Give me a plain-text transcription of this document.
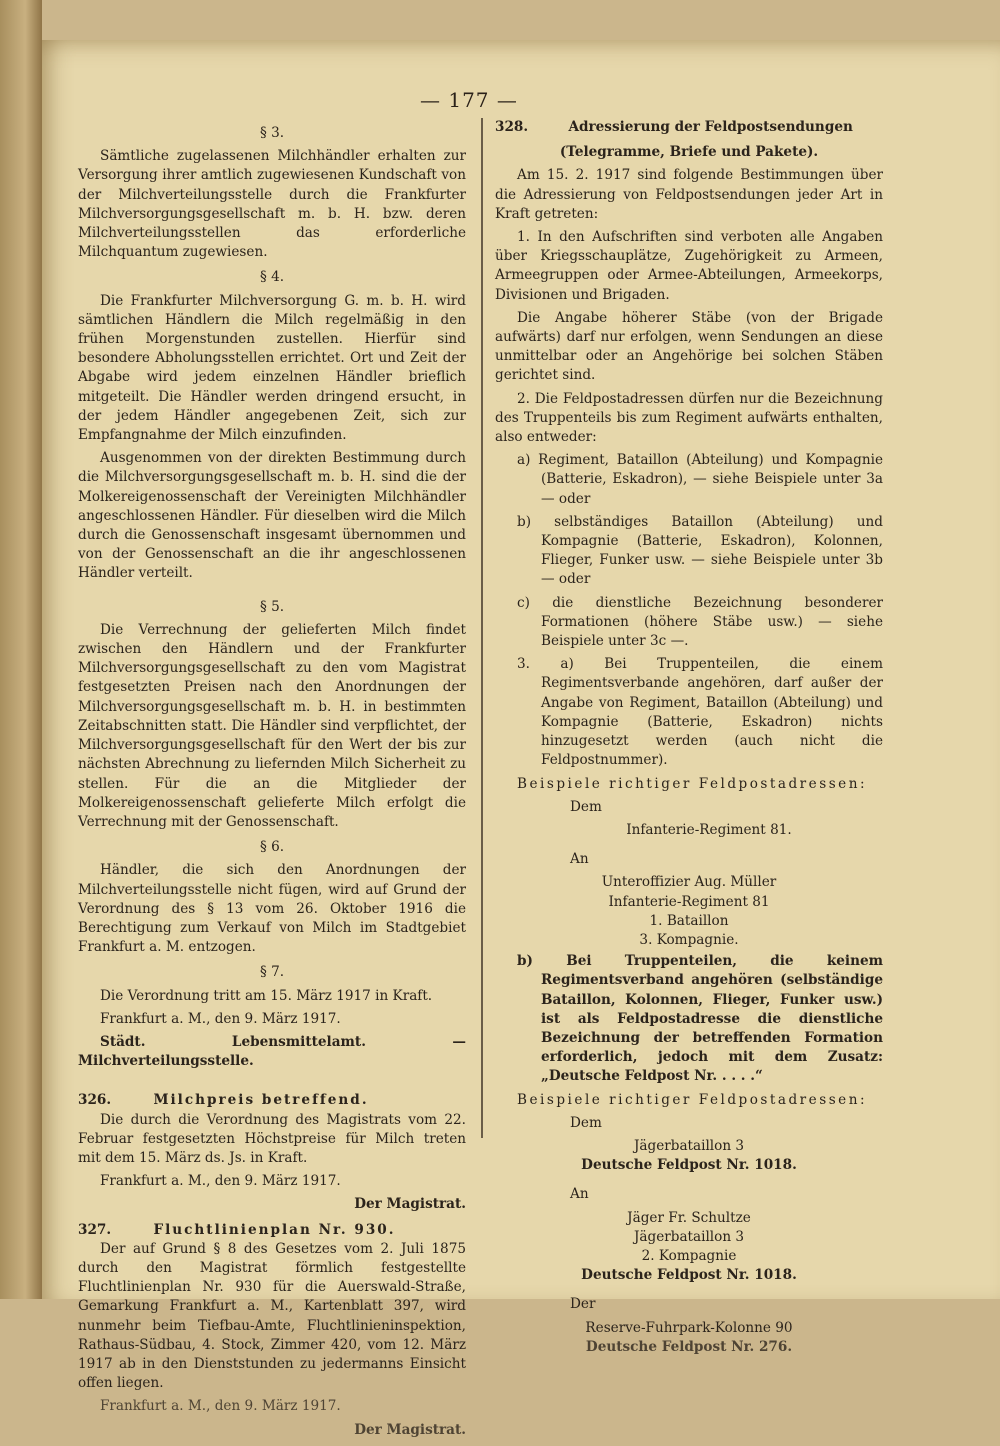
— 177 —
§ 3.

Sämtliche zugelassenen Milchhändler erhalten zur Versorgung ihrer amtlich zugewiesenen Kundschaft von der Milchverteilungsstelle durch die Frankfurter Milchversorgungsgesellschaft m. b. H. bzw. deren Milchverteilungsstellen das erforderliche Milchquantum zugewiesen.

§ 4.

Die Frankfurter Milchversorgung G. m. b. H. wird sämtlichen Händlern die Milch regelmäßig in den frühen Morgenstunden zustellen. Hierfür sind besondere Abholungsstellen errichtet. Ort und Zeit der Abgabe wird jedem einzelnen Händler brieflich mitgeteilt. Die Händler werden dringend ersucht, in der jedem Händler angegebenen Zeit, sich zur Empfangnahme der Milch einzufinden.

Ausgenommen von der direkten Bestimmung durch die Milchversorgungsgesellschaft m. b. H. sind die der Molkereigenossenschaft der Vereinigten Milchhändler angeschlossenen Händler. Für dieselben wird die Milch durch die Genossenschaft insgesamt übernommen und von der Genossenschaft an die ihr angeschlossenen Händler verteilt.

§ 5.

Die Verrechnung der gelieferten Milch findet zwischen den Händlern und der Frankfurter Milchversorgungsgesellschaft zu den vom Magistrat festgesetzten Preisen nach den Anordnungen der Milchversorgungsgesellschaft m. b. H. in bestimmten Zeitabschnitten statt. Die Händler sind verpflichtet, der Milchversorgungsgesellschaft für den Wert der bis zur nächsten Abrechnung zu liefernden Milch Sicherheit zu stellen. Für die an die Mitglieder der Molkereigenossenschaft gelieferte Milch erfolgt die Verrechnung mit der Genossenschaft.

§ 6.

Händler, die sich den Anordnungen der Milchverteilungsstelle nicht fügen, wird auf Grund der Verordnung des § 13 vom 26. Oktober 1916 die Berechtigung zum Verkauf von Milch im Stadtgebiet Frankfurt a. M. entzogen.

§ 7.

Die Verordnung tritt am 15. März 1917 in Kraft.

Frankfurt a. M., den 9. März 1917.

Städt. Lebensmittelamt. — Milchverteilungsstelle.

326.	Milchpreis betreffend.

Die durch die Verordnung des Magistrats vom 22. Februar festgesetzten Höchstpreise für Milch treten mit dem 15. März ds. Js. in Kraft.

Frankfurt a. M., den 9. März 1917.

Der Magistrat.

327.	Fluchtlinienplan Nr. 930.

Der auf Grund § 8 des Gesetzes vom 2. Juli 1875 durch den Magistrat förmlich festgestellte Fluchtlinienplan Nr. 930 für die Auerswald-Straße, Gemarkung Frankfurt a. M., Kartenblatt 397, wird nunmehr beim Tiefbau-Amte, Fluchtlinieninspektion, Rathaus-Südbau, 4. Stock, Zimmer 420, vom 12. März 1917 ab in den Dienststunden zu jedermanns Einsicht offen liegen.

Frankfurt a. M., den 9. März 1917.

Der Magistrat.

328.	Adressierung der Feldpostsendungen

(Telegramme, Briefe und Pakete).

Am 15. 2. 1917 sind folgende Bestimmungen über die Adressierung von Feldpostsendungen jeder Art in Kraft getreten:

1. In den Aufschriften sind verboten alle Angaben über Kriegsschauplätze, Zugehörigkeit zu Armeen, Armeegruppen oder Armee-Abteilungen, Armeekorps, Divisionen und Brigaden.

Die Angabe höherer Stäbe (von der Brigade aufwärts) darf nur erfolgen, wenn Sendungen an diese unmittelbar oder an Angehörige bei solchen Stäben gerichtet sind.

2. Die Feldpostadressen dürfen nur die Bezeichnung des Truppenteils bis zum Regiment aufwärts enthalten, also entweder:

a) Regiment, Bataillon (Abteilung) und Kompagnie (Batterie, Eskadron), — siehe Beispiele unter 3a — oder

b) selbständiges Bataillon (Abteilung) und Kompagnie (Batterie, Eskadron), Kolonnen, Flieger, Funker usw. — siehe Beispiele unter 3b — oder

c) die dienstliche Bezeichnung besonderer Formationen (höhere Stäbe usw.) — siehe Beispiele unter 3c —.

3. a) Bei Truppenteilen, die einem Regimentsverbande angehören, darf außer der Angabe von Regiment, Bataillon (Abteilung) und Kompagnie (Batterie, Eskadron) nichts hinzugesetzt werden (auch nicht die Feldpostnummer).

Beispiele richtiger Feldpostadressen:

Dem
Infanterie-Regiment 81.
An
Unteroffizier Aug. Müller
Infanterie-Regiment 81
1. Bataillon
3. Kompagnie.

b) Bei Truppenteilen, die keinem Regimentsverband angehören (selbständige Bataillon, Kolonnen, Flieger, Funker usw.) ist als Feldpostadresse die dienstliche Bezeichnung der betreffenden Formation erforderlich, jedoch mit dem Zusatz: „Deutsche Feldpost Nr. . . . .“

Beispiele richtiger Feldpostadressen:

Dem
Jägerbataillon 3
Deutsche Feldpost Nr. 1018.
An
Jäger Fr. Schultze
Jägerbataillon 3
2. Kompagnie
Deutsche Feldpost Nr. 1018.
Der
Reserve-Fuhrpark-Kolonne 90
Deutsche Feldpost Nr. 276.
